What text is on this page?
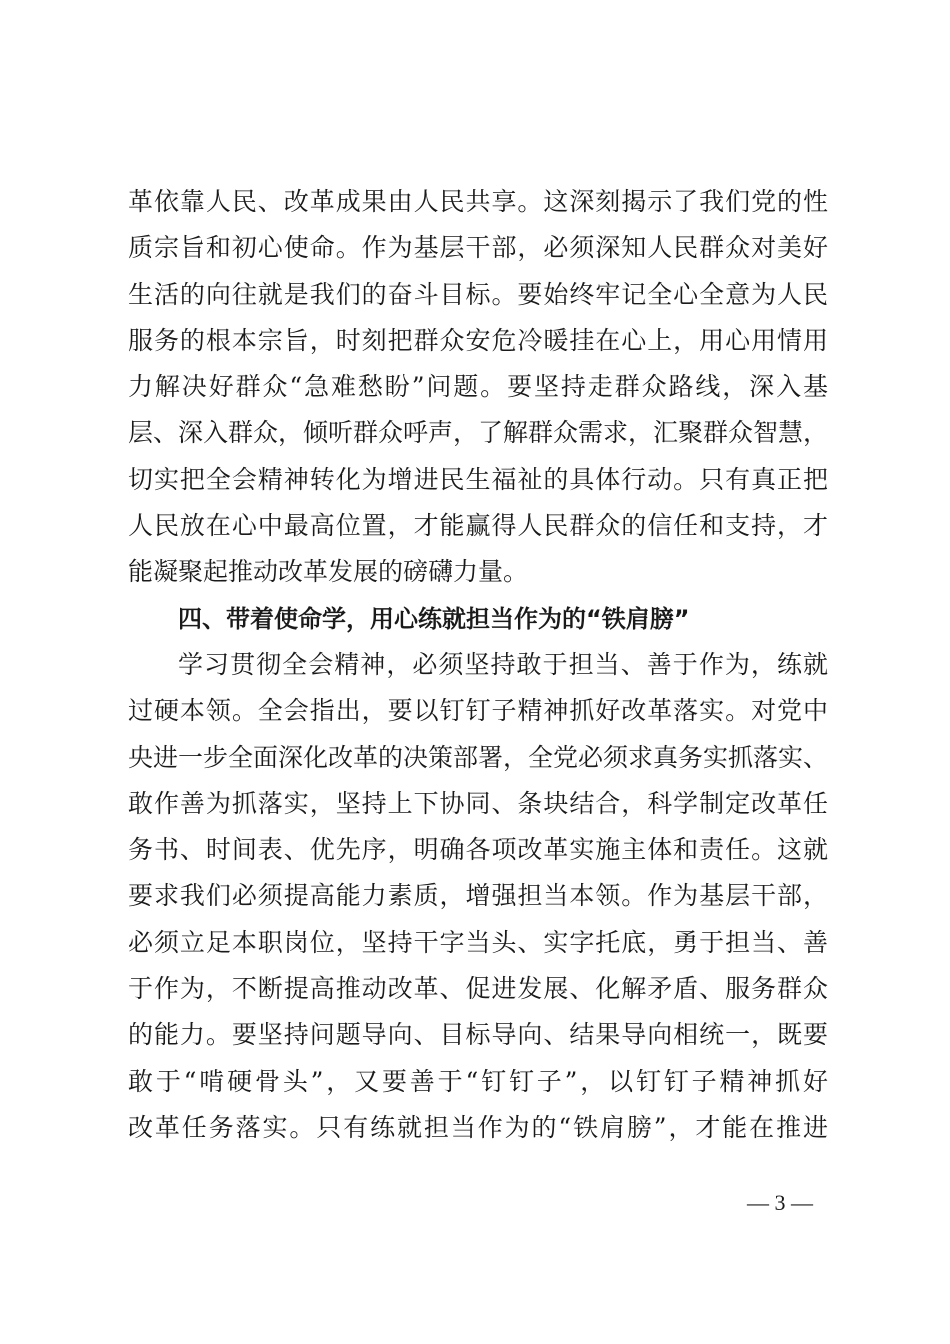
革依靠人民、改革成果由人民共享。这深刻揭示了我们党的性
质宗旨和初心使命。作为基层干部，必须深知人民群众对美好
生活的向往就是我们的奋斗目标。要始终牢记全心全意为人民
服务的根本宗旨，时刻把群众安危冷暖挂在心上，用心用情用
力解决好群众“急难愁盼”问题。要坚持走群众路线，深入基
层、深入群众，倾听群众呼声，了解群众需求，汇聚群众智慧，
切实把全会精神转化为增进民生福祉的具体行动。只有真正把
人民放在心中最高位置，才能赢得人民群众的信任和支持，才
能凝聚起推动改革发展的磅礴力量。
四、带着使命学，用心练就担当作为的“铁肩膀”
学习贯彻全会精神，必须坚持敢于担当、善于作为，练就
过硬本领。全会指出，要以钉钉子精神抓好改革落实。对党中
央进一步全面深化改革的决策部署，全党必须求真务实抓落实、
敢作善为抓落实，坚持上下协同、条块结合，科学制定改革任
务书、时间表、优先序，明确各项改革实施主体和责任。这就
要求我们必须提高能力素质，增强担当本领。作为基层干部，
必须立足本职岗位，坚持干字当头、实字托底，勇于担当、善
于作为，不断提高推动改革、促进发展、化解矛盾、服务群众
的能力。要坚持问题导向、目标导向、结果导向相统一，既要
敢于“啃硬骨头”，又要善于“钉钉子”，以钉钉子精神抓好
改革任务落实。只有练就担当作为的“铁肩膀”，才能在推进
— 3 —
